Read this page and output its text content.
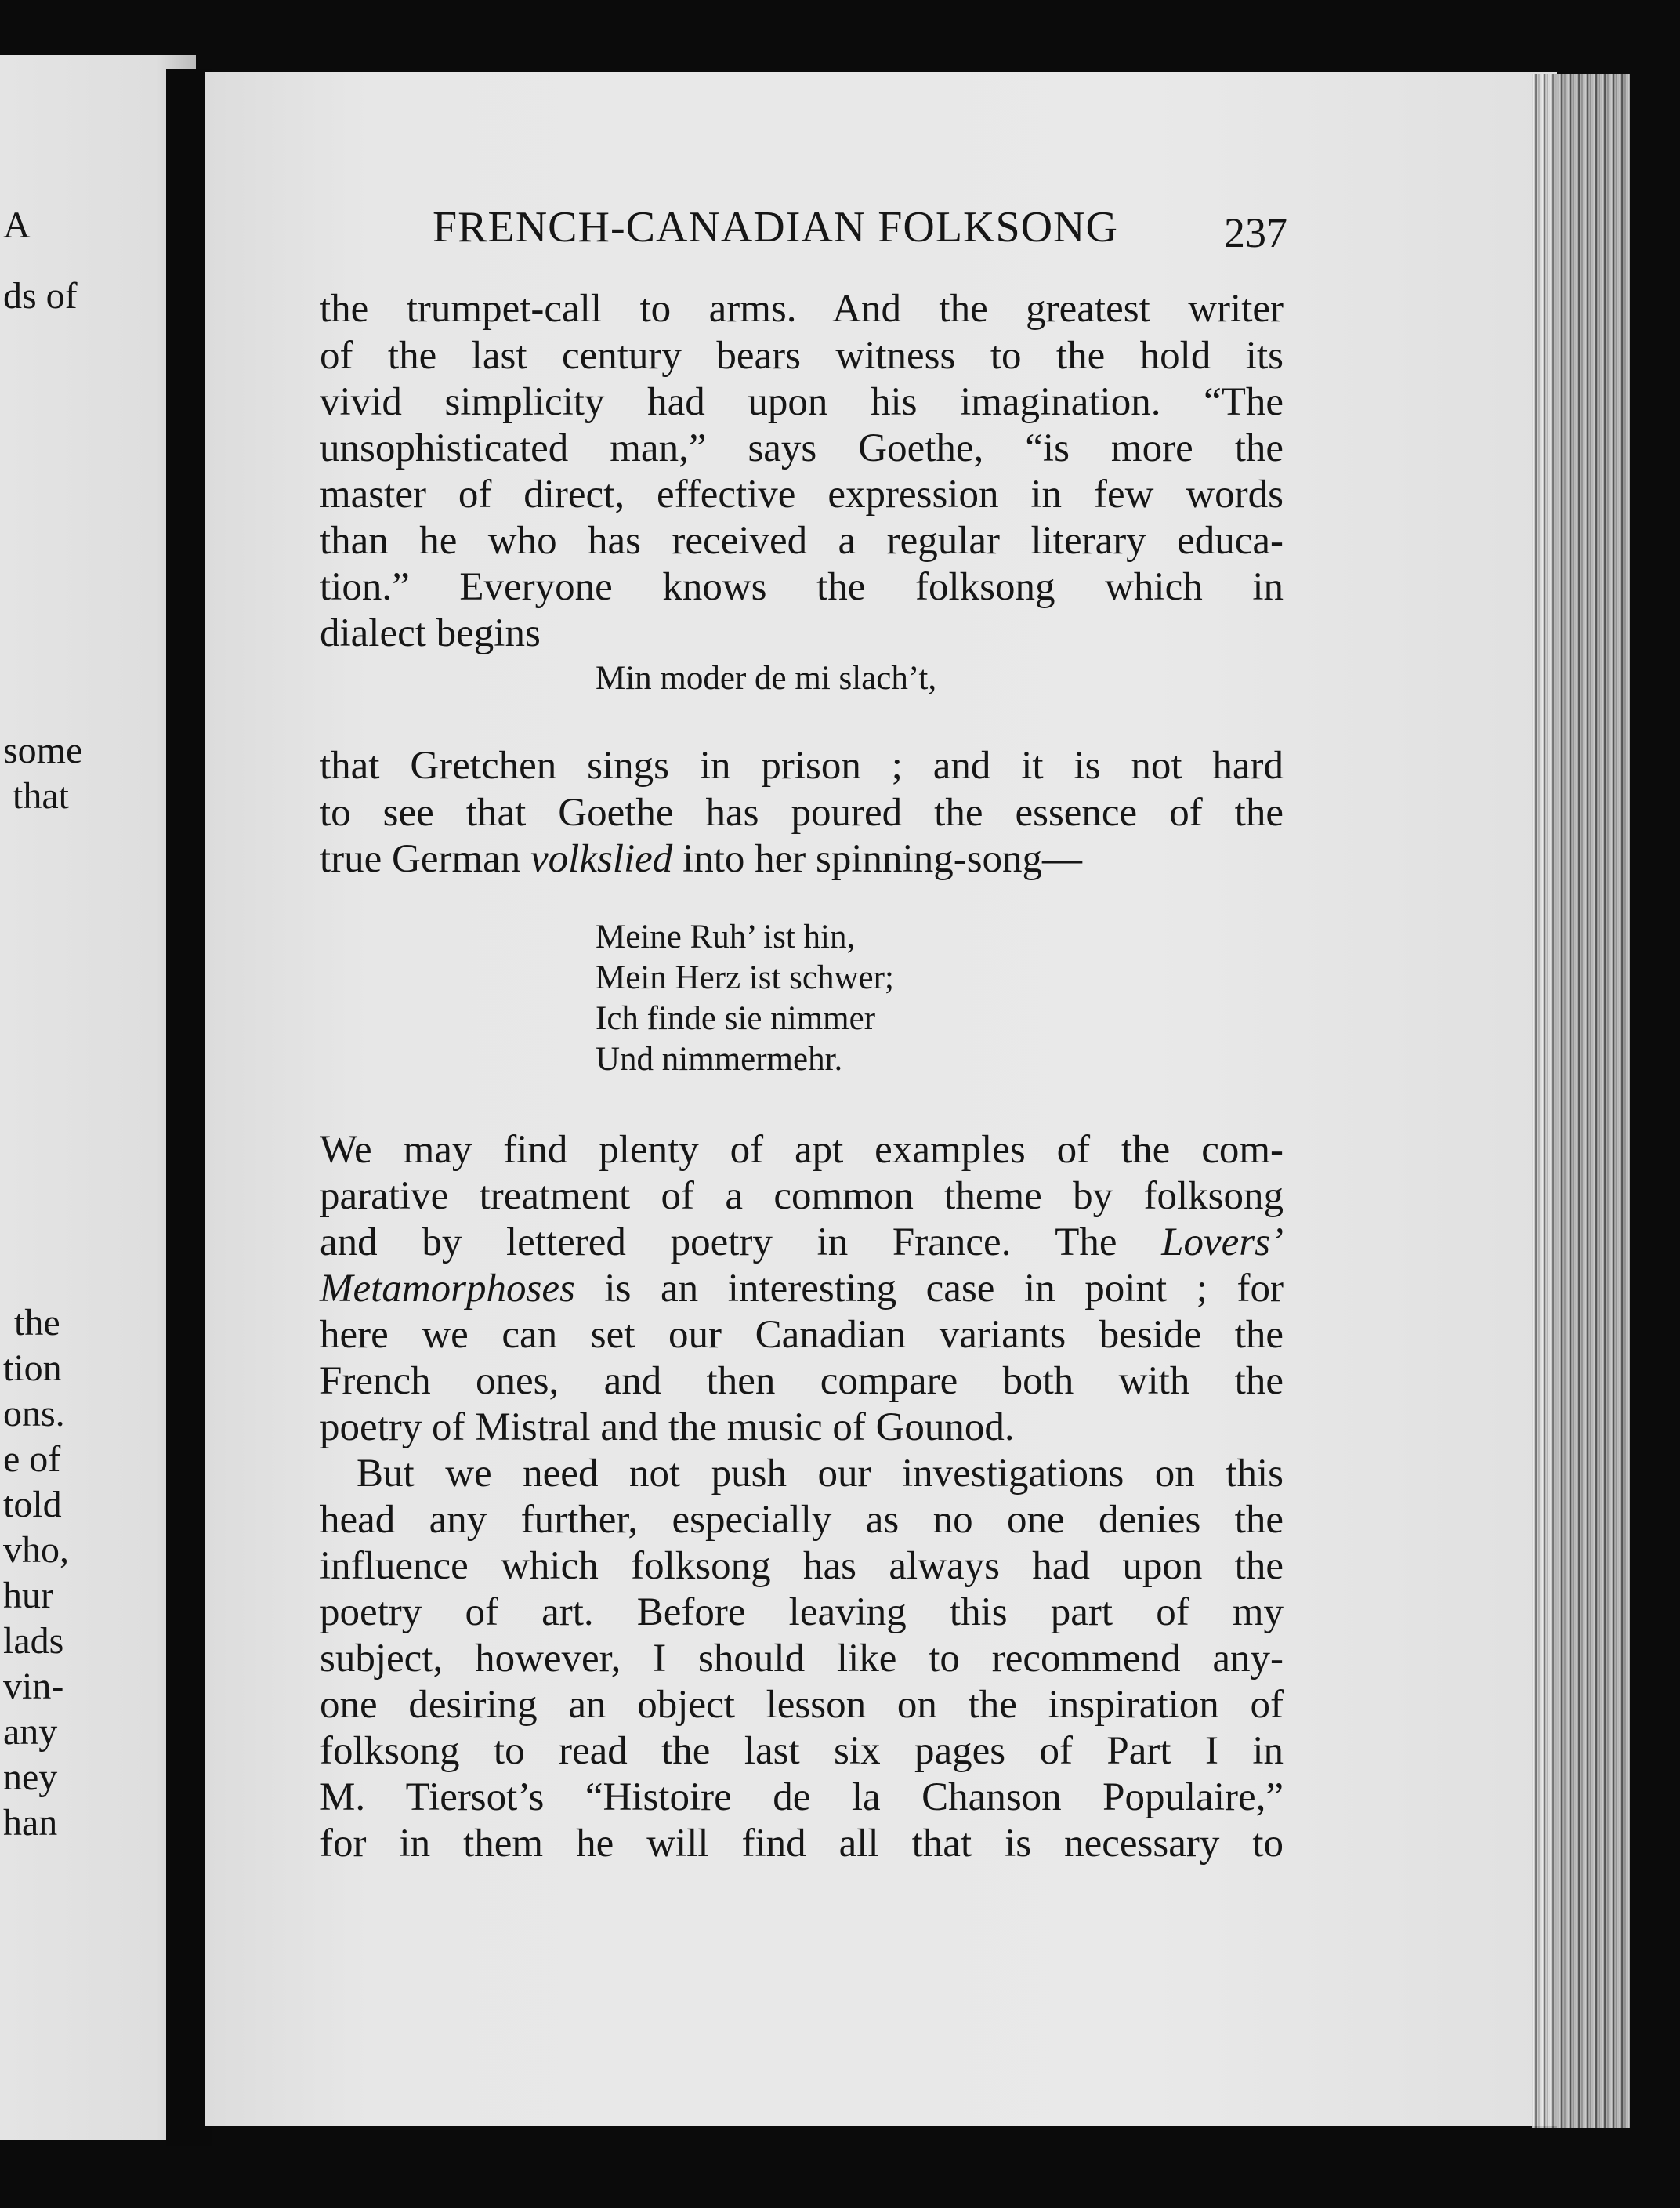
A
ds of
some
that
the
tion
ons.
e of
told
vho,
hur
lads
vin-
any
ney
han
FRENCH-CANADIAN FOLKSONG	237
the trumpet-call to arms. And the greatest writer
of the last century bears witness to the hold its
vivid simplicity had upon his imagination. “The
unsophisticated man,” says Goethe, “is more the
master of direct, effective expression in few words
than he who has received a regular literary educa-
tion.” Everyone knows the folksong which in
dialect begins
Min moder de mi slach’t,
that Gretchen sings in prison ; and it is not hard
to see that Goethe has poured the essence of the
true German volkslied into her spinning-song—
Meine Ruh’ ist hin,
Mein Herz ist schwer;
Ich finde sie nimmer
Und nimmermehr.
We may find plenty of apt examples of the com-
parative treatment of a common theme by folksong
and by lettered poetry in France. The Lovers’
Metamorphoses is an interesting case in point ; for
here we can set our Canadian variants beside the
French ones, and then compare both with the
poetry of Mistral and the music of Gounod.
But we need not push our investigations on this
head any further, especially as no one denies the
influence which folksong has always had upon the
poetry of art. Before leaving this part of my
subject, however, I should like to recommend any-
one desiring an object lesson on the inspiration of
folksong to read the last six pages of Part I in
M. Tiersot’s “Histoire de la Chanson Populaire,”
for in them he will find all that is necessary to
